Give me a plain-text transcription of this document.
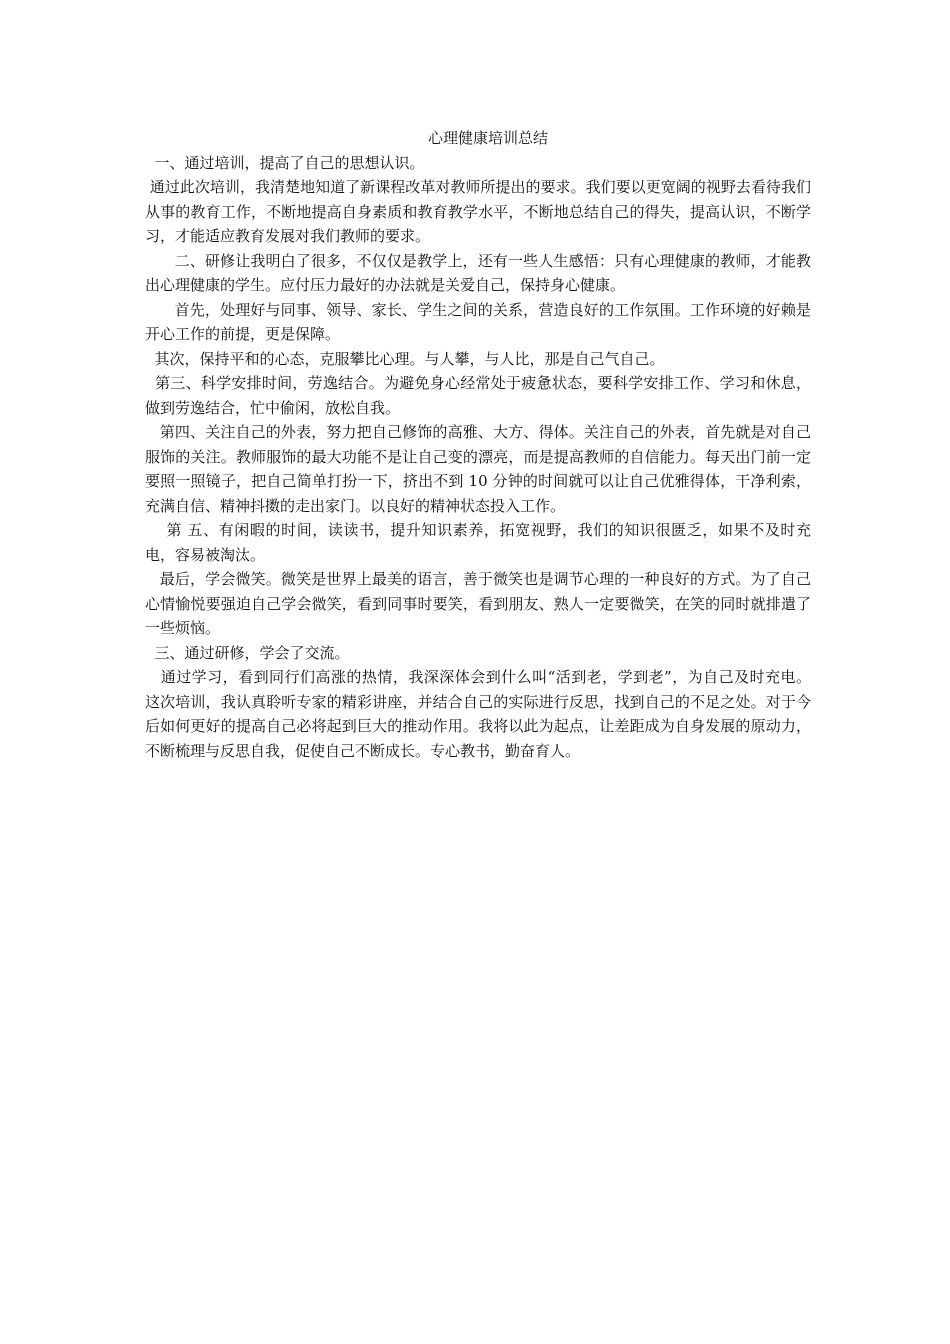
心理健康培训总结

一、通过培训，提高了自己的思想认识。

通过此次培训，我清楚地知道了新课程改革对教师所提出的要求。我们要以更宽阔的视野去看待我们从事的教育工作，不断地提高自身素质和教育教学水平，不断地总结自己的得失，提高认识，不断学习，才能适应教育发展对我们教师的要求。

二、研修让我明白了很多，不仅仅是教学上，还有一些人生感悟：只有心理健康的教师，才能教出心理健康的学生。应付压力最好的办法就是关爱自己，保持身心健康。

首先，处理好与同事、领导、家长、学生之间的关系，营造良好的工作氛围。工作环境的好赖是开心工作的前提，更是保障。

其次，保持平和的心态，克服攀比心理。与人攀，与人比，那是自己气自己。

第三、科学安排时间，劳逸结合。为避免身心经常处于疲惫状态，要科学安排工作、学习和休息，做到劳逸结合，忙中偷闲，放松自我。

第四、关注自己的外表，努力把自己修饰的高雅、大方、得体。关注自己的外表，首先就是对自己服饰的关注。教师服饰的最大功能不是让自己变的漂亮，而是提高教师的自信能力。每天出门前一定要照一照镜子，把自己简单打扮一下，挤出不到 10 分钟的时间就可以让自己优雅得体，干净利索，充满自信、精神抖擞的走出家门。以良好的精神状态投入工作。

第 五、有闲暇的时间，读读书，提升知识素养，拓宽视野，我们的知识很匮乏，如果不及时充电，容易被淘汰。

最后，学会微笑。微笑是世界上最美的语言，善于微笑也是调节心理的一种良好的方式。为了自己心情愉悦要强迫自己学会微笑，看到同事时要笑，看到朋友、熟人一定要微笑，在笑的同时就排遣了一些烦恼。

三、通过研修，学会了交流。

通过学习，看到同行们高涨的热情，我深深体会到什么叫“活到老，学到老”，为自己及时充电。  这次培训，我认真聆听专家的精彩讲座，并结合自己的实际进行反思，找到自己的不足之处。对于今后如何更好的提高自己必将起到巨大的推动作用。我将以此为起点，让差距成为自身发展的原动力，不断梳理与反思自我，促使自己不断成长。专心教书，勤奋育人。
